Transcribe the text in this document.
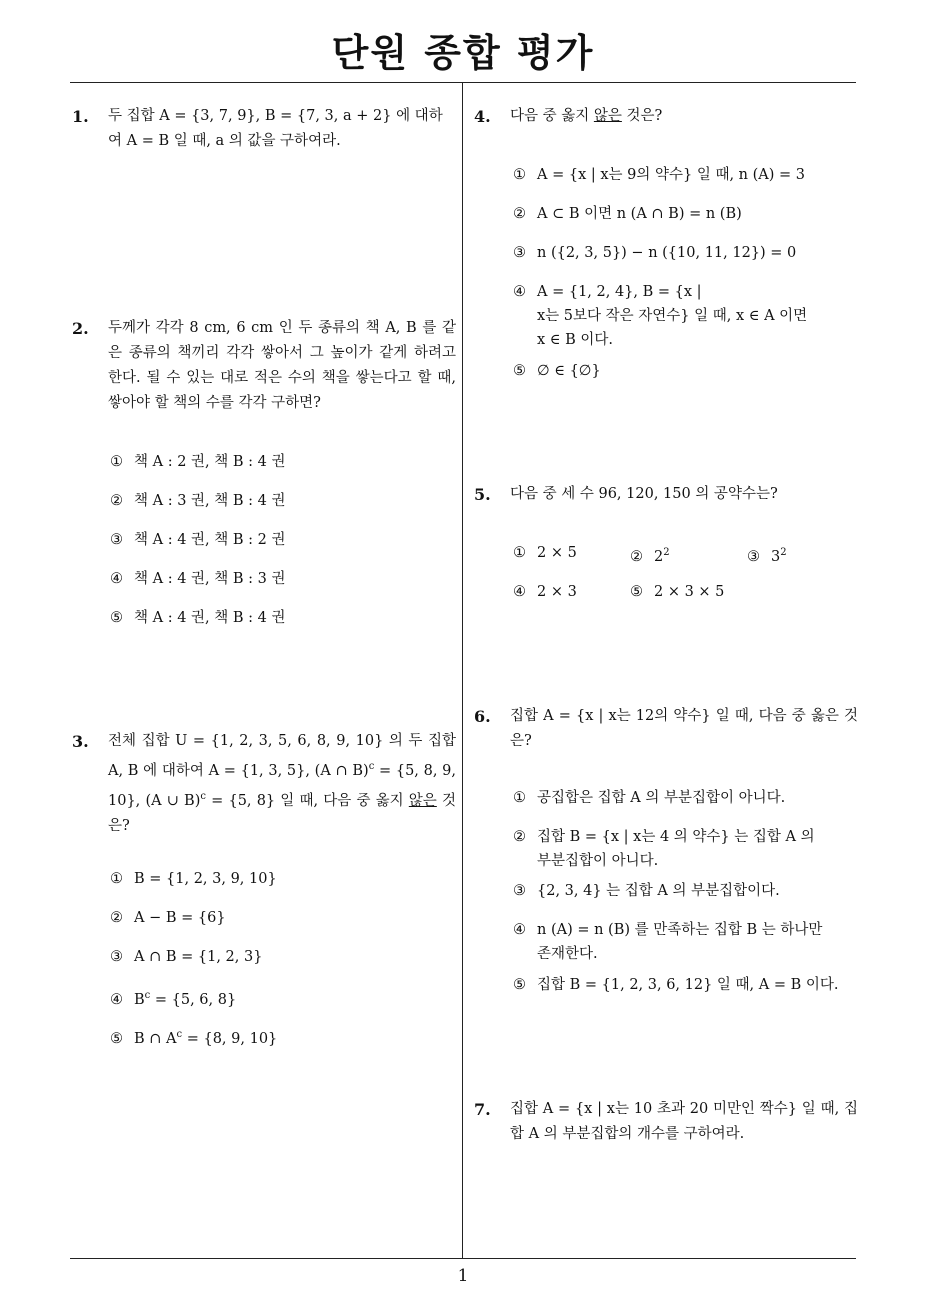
단원 종합 평가
1. 두 집합 A = {3, 7, 9}, B = {7, 3, a + 2} 에 대하여 A = B 일 때, a 의 값을 구하여라.
2. 두께가 각각 8 cm, 6 cm 인 두 종류의 책 A, B 를 같은 종류의 책끼리 각각 쌓아서 그 높이가 같게 하려고 한다. 될 수 있는 대로 적은 수의 책을 쌓는다고 할 때, 쌓아야 할 책의 수를 각각 구하면?
① 책 A : 2 권, 책 B : 4 권
② 책 A : 3 권, 책 B : 4 권
③ 책 A : 4 권, 책 B : 2 권
④ 책 A : 4 권, 책 B : 3 권
⑤ 책 A : 4 권, 책 B : 4 권
3. 전체 집합 U = {1, 2, 3, 5, 6, 8, 9, 10} 의 두 집합 A, B 에 대하여 A = {1, 3, 5}, (A ∩ B)$^c$ = {5, 8, 9, 10}, (A ∪ B)$^c$ = {5, 8} 일 때, 다음 중 옳지 않은 것은?
① B = {1, 2, 3, 9, 10}
② A − B = {6}
③ A ∩ B = {1, 2, 3}
④ $B^c = \{5$, 6, 8}
⑤ B ∩ $A^c = \{8$, 9, 10}
4. 다음 중 옳지 않은 것은?
① A = {x | x는 9의 약수} 일 때, n (A) = 3
② A ⊂ B 이면 n (A ∩ B) = n (B)
③ n ({2, 3, 5}) − n ({10, 11, 12}) = 0
④ A = {1, 2, 4}, B = {x |
x는 5보다 작은 자연수} 일 때, x ∈ A 이면
x ∈ B 이다.
⑤ ∅ ∈ {∅}
5. 다음 중 세 수 96, 120, 150 의 공약수는?
① 2 × 5	② $2^2$	③ $3^2$
④ 2 × 3	⑤ 2 × 3 × 5
6. 집합 A = {x | x는 12의 약수} 일 때, 다음 중 옳은 것은?
① 공집합은 집합 A 의 부분집합이 아니다.
② 집합 B = {x | x는 4 의 약수} 는 집합 A 의
부분집합이 아니다.
③ {2, 3, 4} 는 집합 A 의 부분집합이다.
④ n (A) = n (B) 를 만족하는 집합 B 는 하나만
존재한다.
⑤ 집합 B = {1, 2, 3, 6, 12} 일 때, A = B 이다.
7. 집합 A = {x | x는 10 초과 20 미만인 짝수} 일 때, 집합 A 의 부분집합의 개수를 구하여라.
1
